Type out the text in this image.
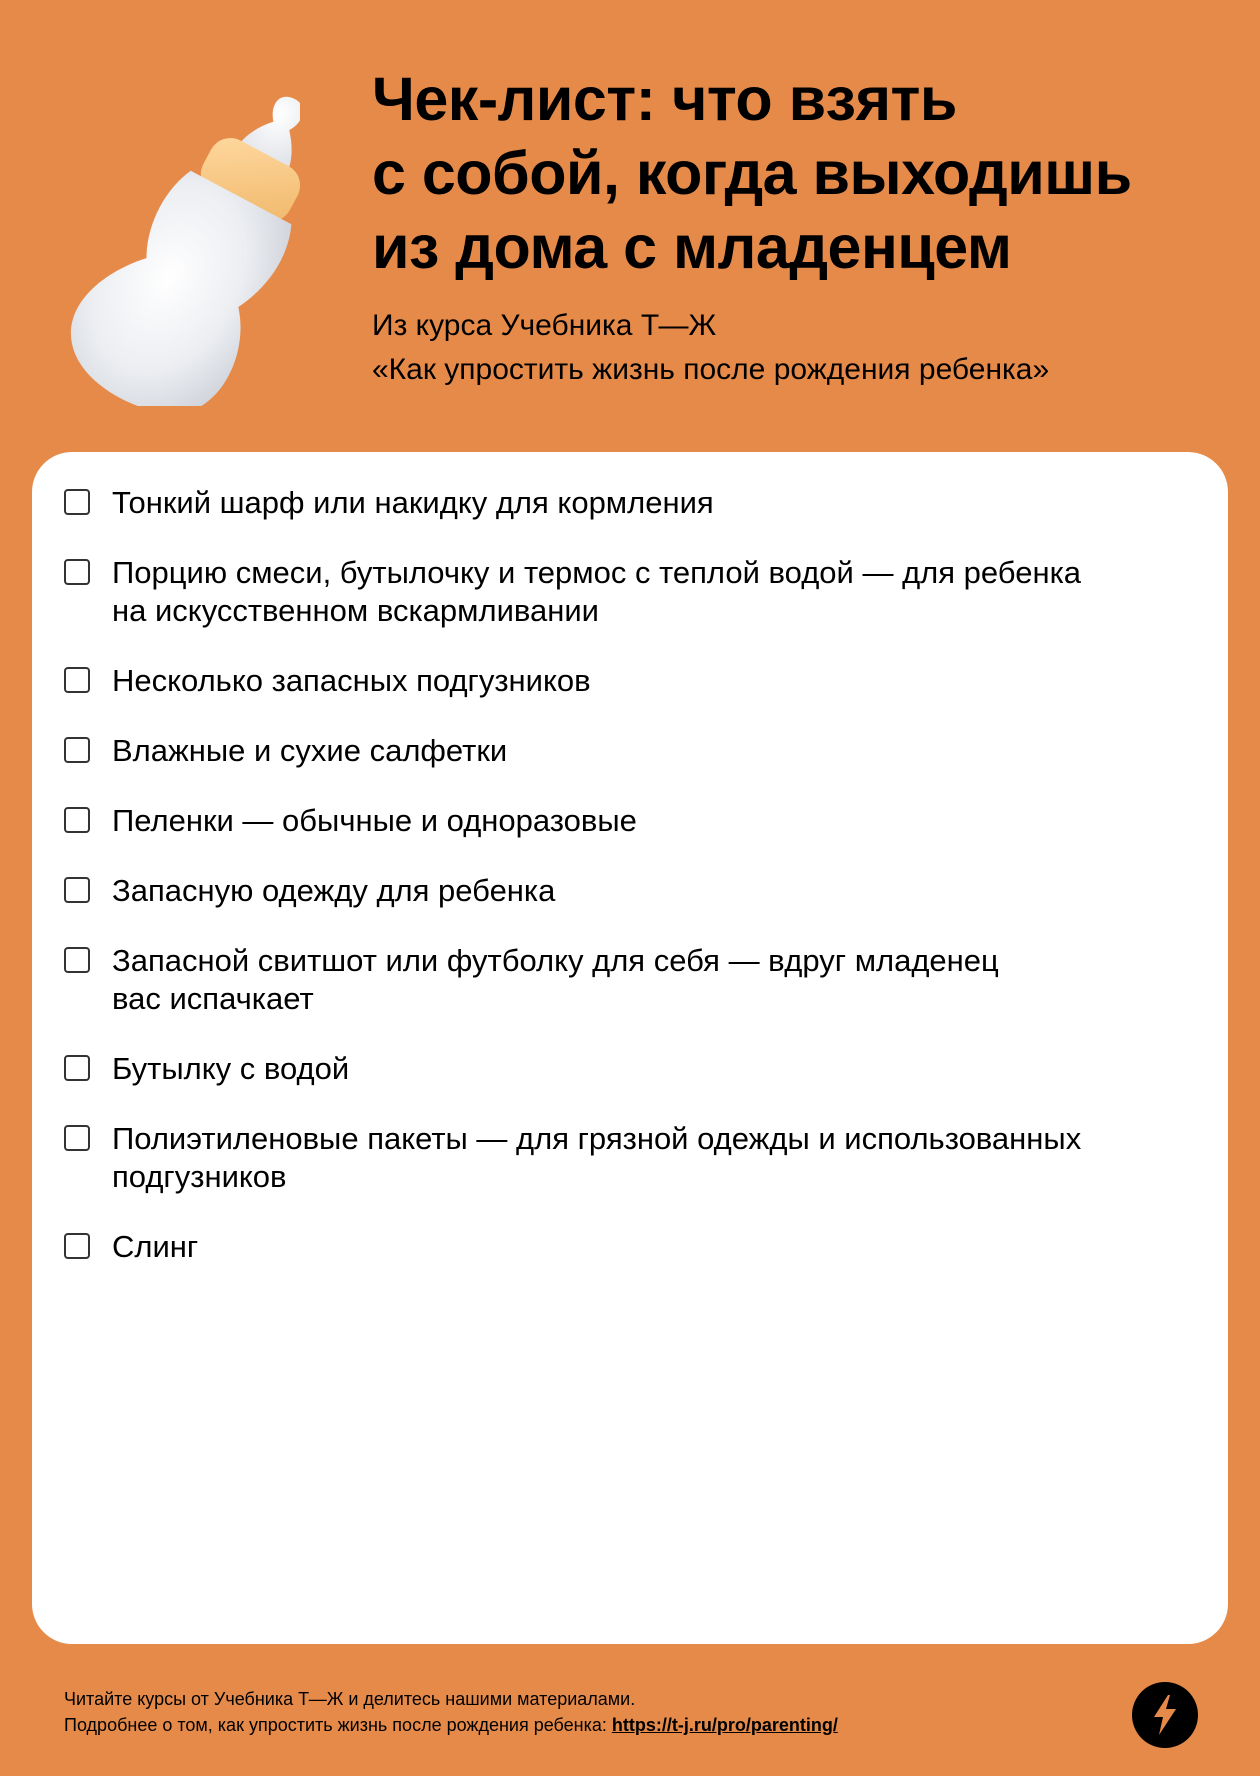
Чек-лист: что взять
с собой, когда выходишь
из дома с младенцем
Из курса Учебника Т—Ж
«Как упростить жизнь после рождения ребенка»
Тонкий шарф или накидку для кормления
Порцию смеси, бутылочку и термос с теплой водой — для ребенка
на искусственном вскармливании
Несколько запасных подгузников
Влажные и сухие салфетки
Пеленки — обычные и одноразовые
Запасную одежду для ребенка
Запасной свитшот или футболку для себя — вдруг младенец
вас испачкает
Бутылку с водой
Полиэтиленовые пакеты — для грязной одежды и использованных
подгузников
Слинг
Читайте курсы от Учебника Т—Ж и делитесь нашими материалами.
Подробнее о том, как упростить жизнь после рождения ребенка: https://t-j.ru/pro/parenting/
